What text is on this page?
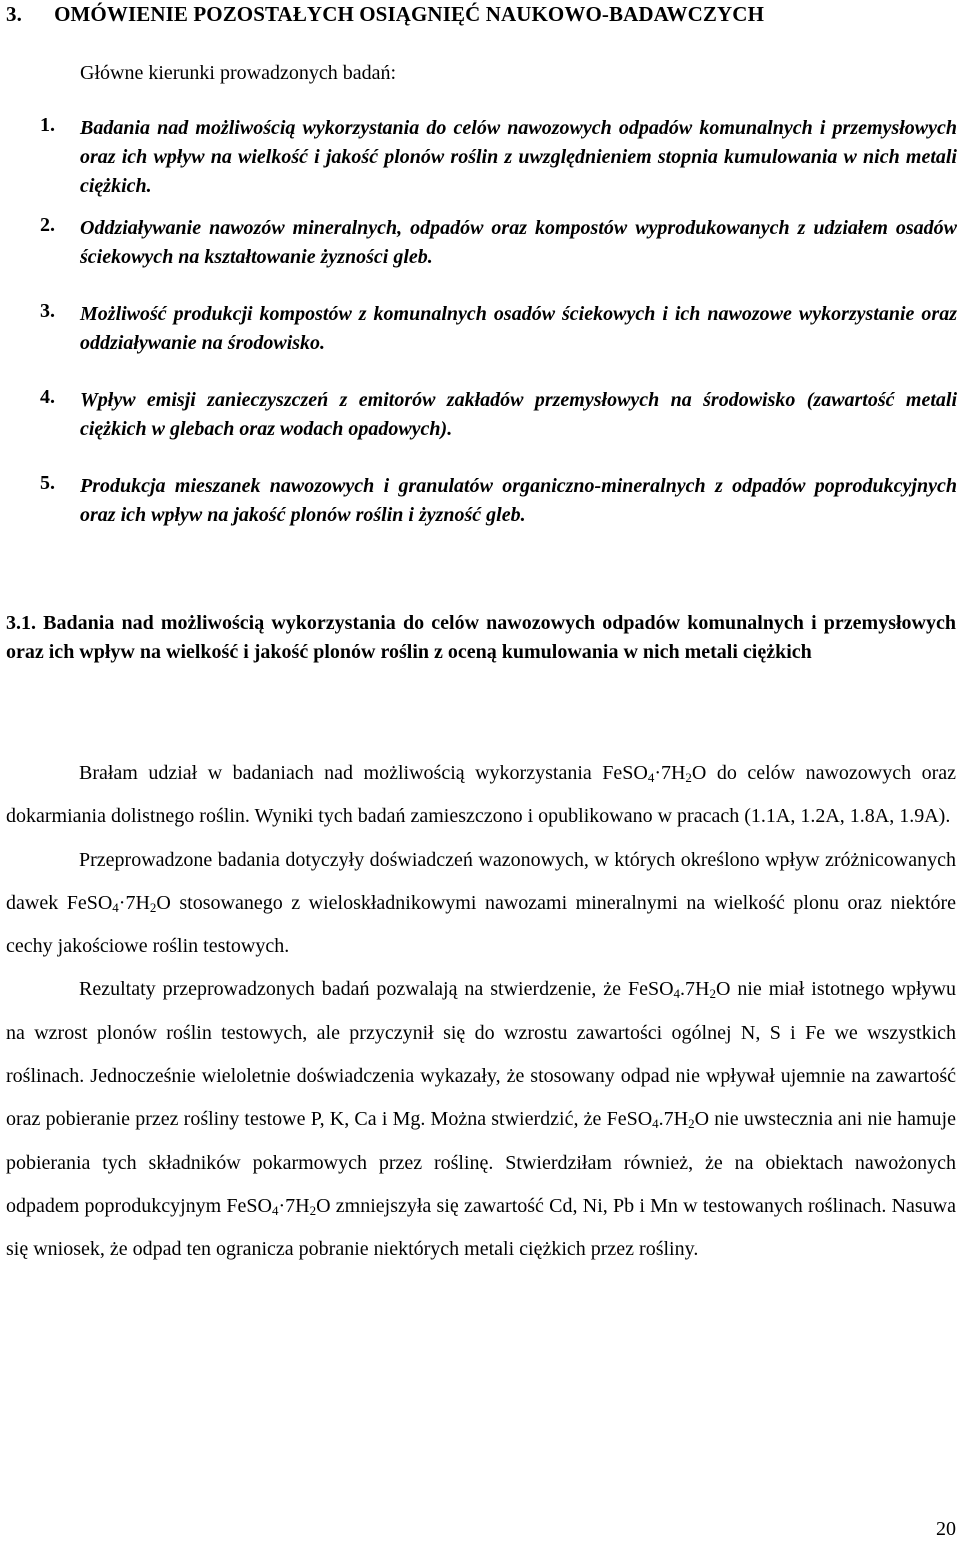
3. OMÓWIENIE POZOSTAŁYCH OSIĄGNIĘĆ NAUKOWO-BADAWCZYCH
Główne kierunki prowadzonych badań:
1.	Badania nad możliwością wykorzystania do celów nawozowych odpadów komunalnych i przemysłowych oraz ich wpływ na wielkość i jakość plonów roślin z uwzględnieniem stopnia kumulowania w nich metali ciężkich.
2.	Oddziaływanie nawozów mineralnych, odpadów oraz kompostów wyprodukowanych z udziałem osadów ściekowych na kształtowanie żyzności gleb.
3.	Możliwość produkcji kompostów z komunalnych osadów ściekowych i ich nawozowe wykorzystanie oraz oddziaływanie na środowisko.
4.	Wpływ emisji zanieczyszczeń z emitorów zakładów przemysłowych na środowisko (zawartość metali ciężkich w glebach oraz wodach opadowych).
5.	Produkcja mieszanek nawozowych i granulatów organiczno-mineralnych z odpadów poprodukcyjnych oraz ich wpływ na jakość plonów roślin i żyzność gleb.
3.1. Badania nad możliwością wykorzystania do celów nawozowych odpadów komunalnych i przemysłowych oraz ich wpływ na wielkość i jakość plonów roślin z oceną kumulowania w nich metali ciężkich

Brałam udział w badaniach nad możliwością wykorzystania $FeSO_4\cdot 7H_2O$ do celów nawozowych oraz dokarmiania dolistnego roślin. Wyniki tych badań zamieszczono i opublikowano w pracach (1.1A, 1.2A, 1.8A, 1.9A).

Przeprowadzone badania dotyczyły doświadczeń wazonowych, w których określono wpływ zróżnicowanych dawek $FeSO_4\cdot 7H_2O$ stosowanego z wieloskładnikowymi nawozami mineralnymi na wielkość plonu oraz niektóre cechy jakościowe roślin testowych.

Rezultaty przeprowadzonych badań pozwalają na stwierdzenie, że $FeSO_4.7H_2O$ nie miał istotnego wpływu na wzrost plonów roślin testowych, ale przyczynił się do wzrostu zawartości ogólnej N, S i Fe we wszystkich roślinach. Jednocześnie wieloletnie doświadczenia wykazały, że stosowany odpad nie wpływał ujemnie na zawartość oraz pobieranie przez rośliny testowe P, K, Ca i Mg. Można stwierdzić, że $FeSO_4.7H_2O$ nie uwstecznia ani nie hamuje pobierania tych składników pokarmowych przez roślinę. Stwierdziłam również, że na obiektach nawożonych odpadem poprodukcyjnym $FeSO_4\cdot 7H_2O$ zmniejszyła się zawartość Cd, Ni, Pb i Mn w testowanych roślinach. Nasuwa się wniosek, że odpad ten ogranicza pobranie niektórych metali ciężkich przez rośliny.

20
